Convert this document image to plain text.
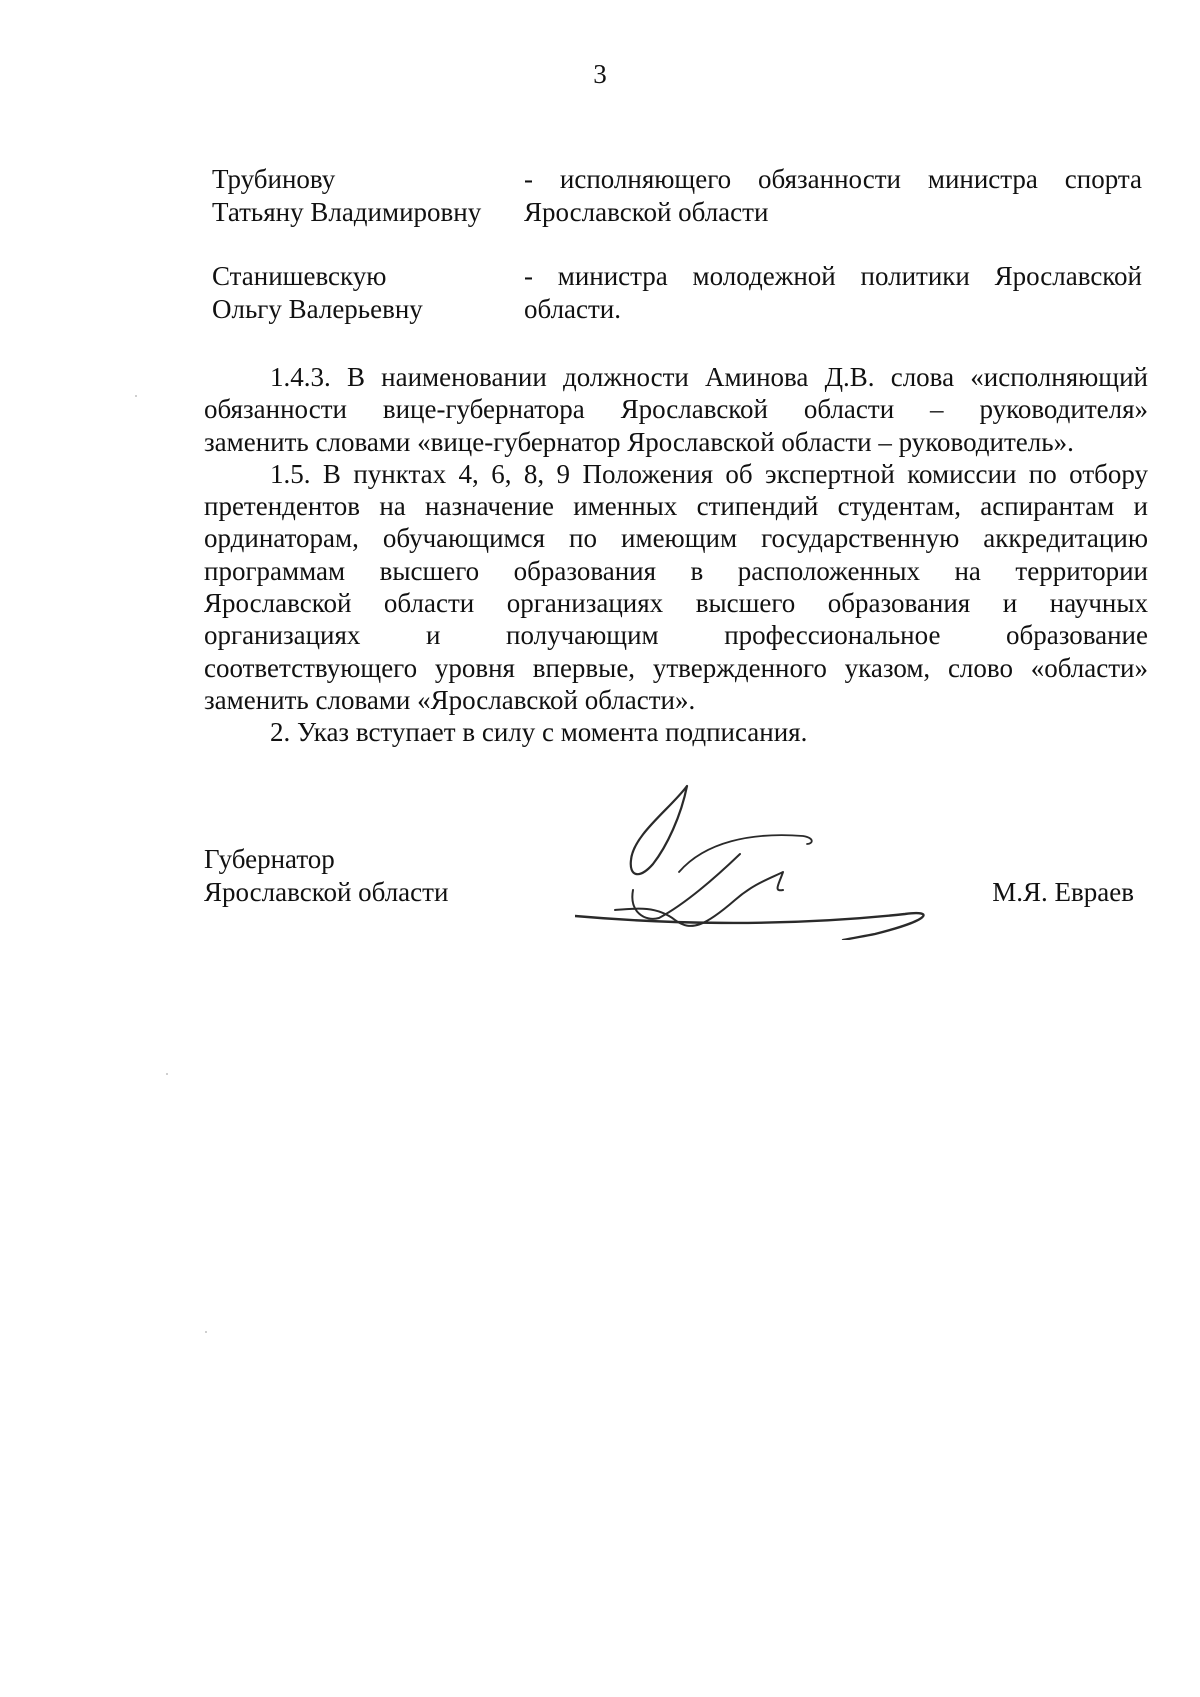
3
Трубинову
Татьяну Владимировну
- исполняющего обязанности министра спорта
Ярославской области
Станишевскую
Ольгу Валерьевну
- министра молодежной политики Ярославской
области.
1.4.3. В наименовании должности Аминова Д.В. слова «исполняющий
обязанности вице-губернатора Ярославской области – руководителя»
заменить словами «вице-губернатор Ярославской области – руководитель».
1.5. В пунктах 4, 6, 8, 9 Положения об экспертной комиссии по отбору
претендентов на назначение именных стипендий студентам, аспирантам и
ординаторам, обучающимся по имеющим государственную аккредитацию
программам высшего образования в расположенных на территории
Ярославской области организациях высшего образования и научных
организациях и получающим профессиональное образование
соответствующего уровня впервые, утвержденного указом, слово «области»
заменить словами «Ярославской области».
2. Указ вступает в силу с момента подписания.
Губернатор
Ярославской области	М.Я. Евраев
